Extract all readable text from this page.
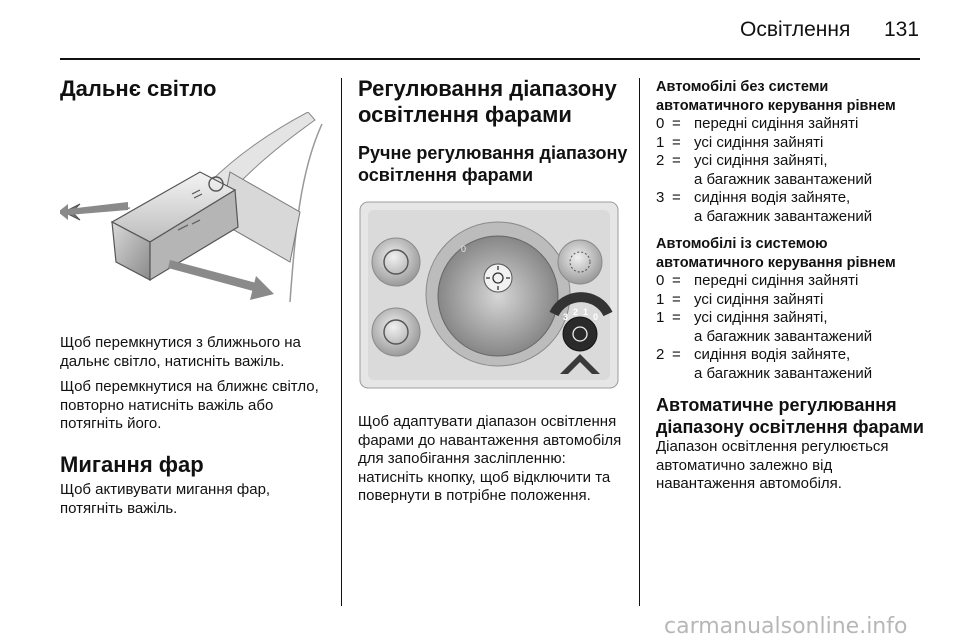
Освітлення 131
Дальнє світло

Щоб перемкнутися з ближнього на дальнє світло, натисніть важіль.

Щоб перемкнутися на ближнє світло, повторно натисніть важіль або потягніть його.

Мигання фар

Щоб активувати мигання фар, потягніть важіль.

Регулювання діапазону освітлення фарами
Ручне регулювання діапазону освітлення фарами
0
3 2 1 0

Щоб адаптувати діапазон освітлення фарами до навантаження автомобіля для запобігання засліпленню: натисніть кнопку, щоб відключити та повернути в потрібне положення.

Автомобілі без системи автоматичного керування рівнем
0 = передні сидіння зайняті
1 = усі сидіння зайняті
2 = усі сидіння зайняті,
а багажник завантажений
3 = сидіння водія зайняте,
а багажник завантажений
Автомобілі із системою автоматичного керування рівнем
0 = передні сидіння зайняті
1 = усі сидіння зайняті
1 = усі сидіння зайняті,
а багажник завантажений
2 = сидіння водія зайняте,
а багажник завантажений
Автоматичне регулювання діапазону освітлення фарами

Діапазон освітлення регулюється автоматично залежно від навантаження автомобіля.

carmanualsonline.info
